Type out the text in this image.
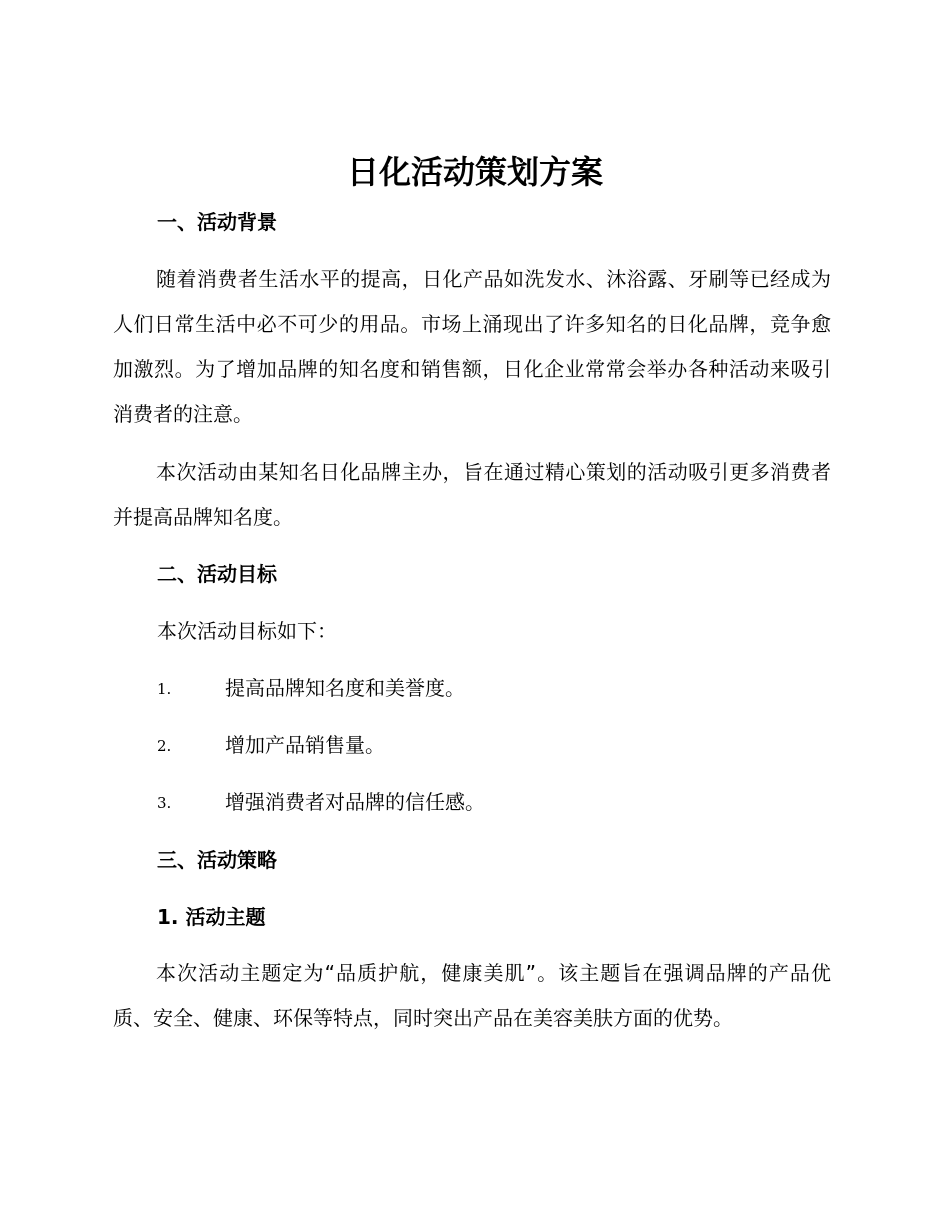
日化活动策划方案
一、活动背景

随着消费者生活水平的提高，日化产品如洗发水、沐浴露、牙刷等已经成为人们日常生活中必不可少的用品。市场上涌现出了许多知名的日化品牌，竞争愈加激烈。为了增加品牌的知名度和销售额，日化企业常常会举办各种活动来吸引消费者的注意。

本次活动由某知名日化品牌主办，旨在通过精心策划的活动吸引更多消费者并提高品牌知名度。

二、活动目标
本次活动目标如下：
1.	提高品牌知名度和美誉度。
2.	增加产品销售量。
3.	增强消费者对品牌的信任感。
三、活动策略
1. 活动主题

本次活动主题定为“品质护航，健康美肌”。该主题旨在强调品牌的产品优质、安全、健康、环保等特点，同时突出产品在美容美肤方面的优势。
